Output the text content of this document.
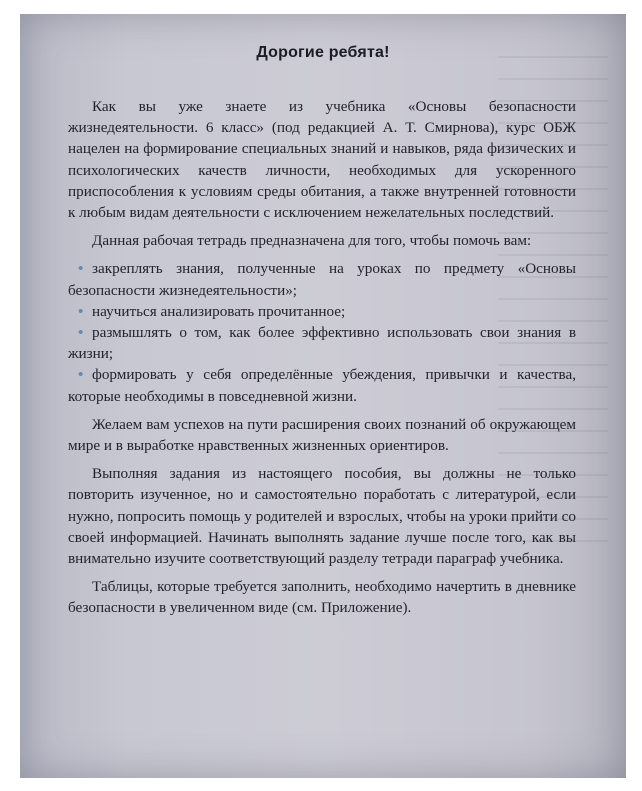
Дорогие ребята!

Как вы уже знаете из учебника «Основы безопасности жизнедеятельности. 6 класс» (под редакцией А. Т. Смирнова), курс ОБЖ нацелен на формирование специальных знаний и навыков, ряда физических и психологических качеств личности, необходимых для ускоренного приспособления к условиям среды обитания, а также внутренней готовности к любым видам деятельности с исключением нежелательных последствий.

Данная рабочая тетрадь предназначена для того, чтобы помочь вам:

• закреплять знания, полученные на уроках по предмету «Основы безопасности жизнедеятельности»;
• научиться анализировать прочитанное;
• размышлять о том, как более эффективно использовать свои знания в жизни;
• формировать у себя определённые убеждения, привычки и качества, которые необходимы в повседневной жизни.

Желаем вам успехов на пути расширения своих познаний об окружающем мире и в выработке нравственных жизненных ориентиров.

Выполняя задания из настоящего пособия, вы должны не только повторить изученное, но и самостоятельно поработать с литературой, если нужно, попросить помощь у родителей и взрослых, чтобы на уроки прийти со своей информацией. Начинать выполнять задание лучше после того, как вы внимательно изучите соответствующий разделу тетради параграф учебника.

Таблицы, которые требуется заполнить, необходимо начертить в дневнике безопасности в увеличенном виде (см. Приложение).
